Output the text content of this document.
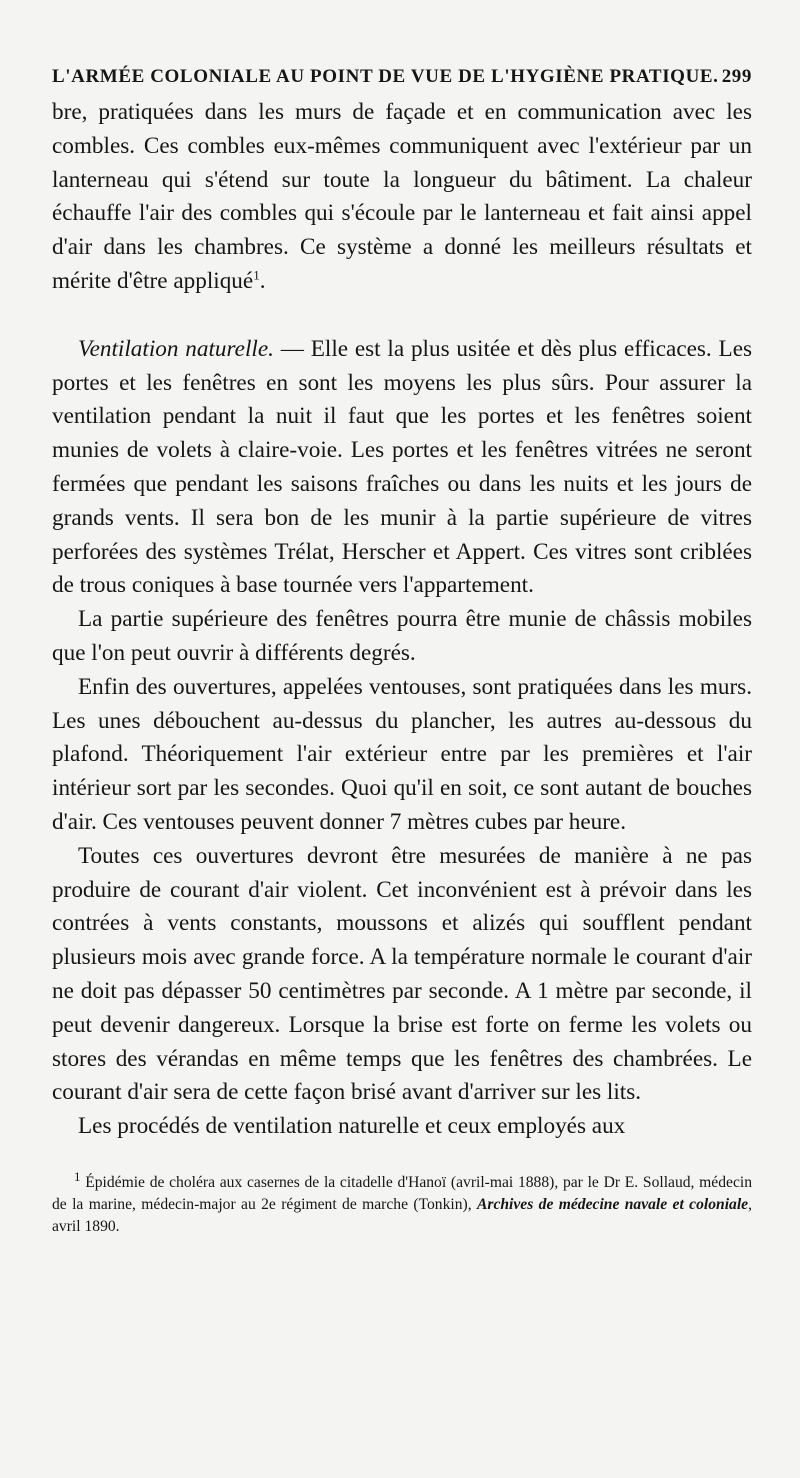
L'ARMÉE COLONIALE AU POINT DE VUE DE L'HYGIÈNE PRATIQUE. 299

bre, pratiquées dans les murs de façade et en communication avec les combles. Ces combles eux-mêmes communiquent avec l'extérieur par un lanterneau qui s'étend sur toute la longueur du bâtiment. La chaleur échauffe l'air des combles qui s'écoule par le lanterneau et fait ainsi appel d'air dans les chambres. Ce système a donné les meilleurs résultats et mérite d'être appliqué$^1$.

Ventilation naturelle. — Elle est la plus usitée et dès plus efficaces. Les portes et les fenêtres en sont les moyens les plus sûrs. Pour assurer la ventilation pendant la nuit il faut que les portes et les fenêtres soient munies de volets à claire-voie. Les portes et les fenêtres vitrées ne seront fermées que pendant les saisons fraîches ou dans les nuits et les jours de grands vents. Il sera bon de les munir à la partie supérieure de vitres perforées des systèmes Trélat, Herscher et Appert. Ces vitres sont criblées de trous coniques à base tournée vers l'appartement.

La partie supérieure des fenêtres pourra être munie de châssis mobiles que l'on peut ouvrir à différents degrés.

Enfin des ouvertures, appelées ventouses, sont pratiquées dans les murs. Les unes débouchent au-dessus du plancher, les autres au-dessous du plafond. Théoriquement l'air extérieur entre par les premières et l'air intérieur sort par les secondes. Quoi qu'il en soit, ce sont autant de bouches d'air. Ces ventouses peuvent donner 7 mètres cubes par heure.

Toutes ces ouvertures devront être mesurées de manière à ne pas produire de courant d'air violent. Cet inconvénient est à prévoir dans les contrées à vents constants, moussons et alizés qui soufflent pendant plusieurs mois avec grande force. A la température normale le courant d'air ne doit pas dépasser 50 centimètres par seconde. A 1 mètre par seconde, il peut devenir dangereux. Lorsque la brise est forte on ferme les volets ou stores des vérandas en même temps que les fenêtres des chambrées. Le courant d'air sera de cette façon brisé avant d'arriver sur les lits.

Les procédés de ventilation naturelle et ceux employés aux

$^1$ Épidémie de choléra aux casernes de la citadelle d'Hanoï (avril-mai 1888), par le Dr E. Sollaud, médecin de la marine, médecin-major au 2e régiment de marche (Tonkin), Archives de médecine navale et coloniale, avril 1890.
